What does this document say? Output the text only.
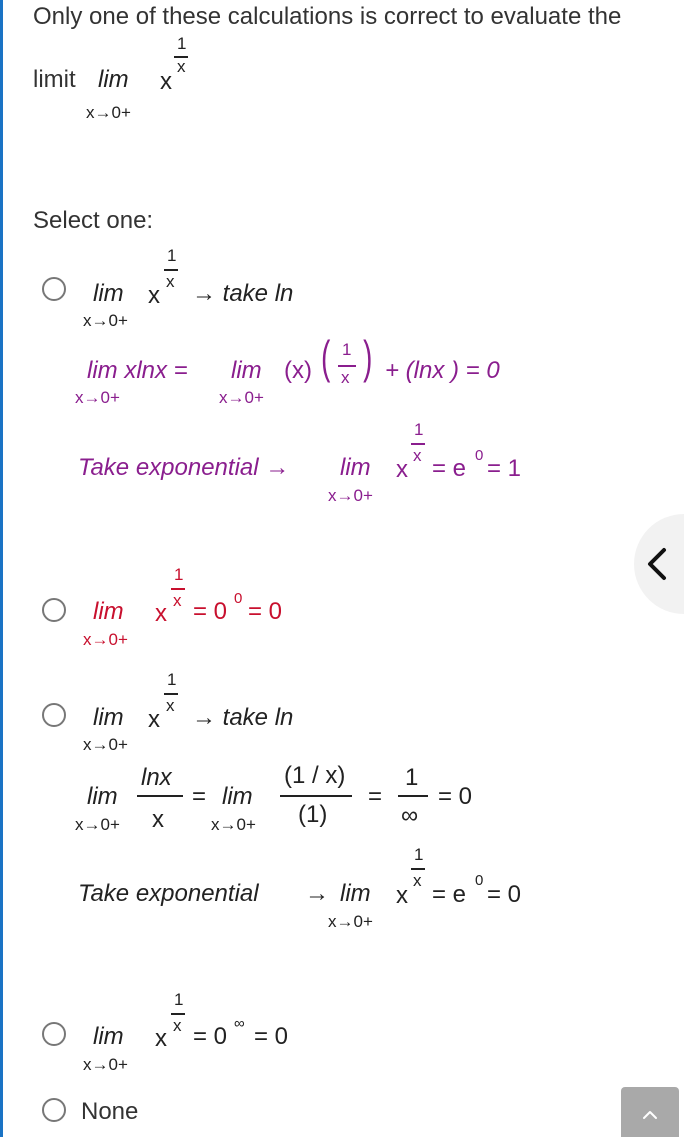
Only one of these calculations is correct to evaluate the
limit lim x
1
x
x→0+
Select one:
lim x
1
x → take ln
x→0+
lim xlnx =
x→0+
lim
x→0+
(x) ( 1
x ) + (lnx ) = 0
Take exponential → lim x
1
x = e 0 = 1
x→0+
lim x
1
x = 0 0 = 0
x→0+
lim x
1
x → take ln
x→0+
lim
lnx
x
x→0+
= lim
x→0+
(1 / x)
(1)
=
1
∞
= 0
Take exponential → lim x
1
x
= e
0
= 0
x→0+
lim x
1
x = 0 ∞ = 0
x→0+
None
